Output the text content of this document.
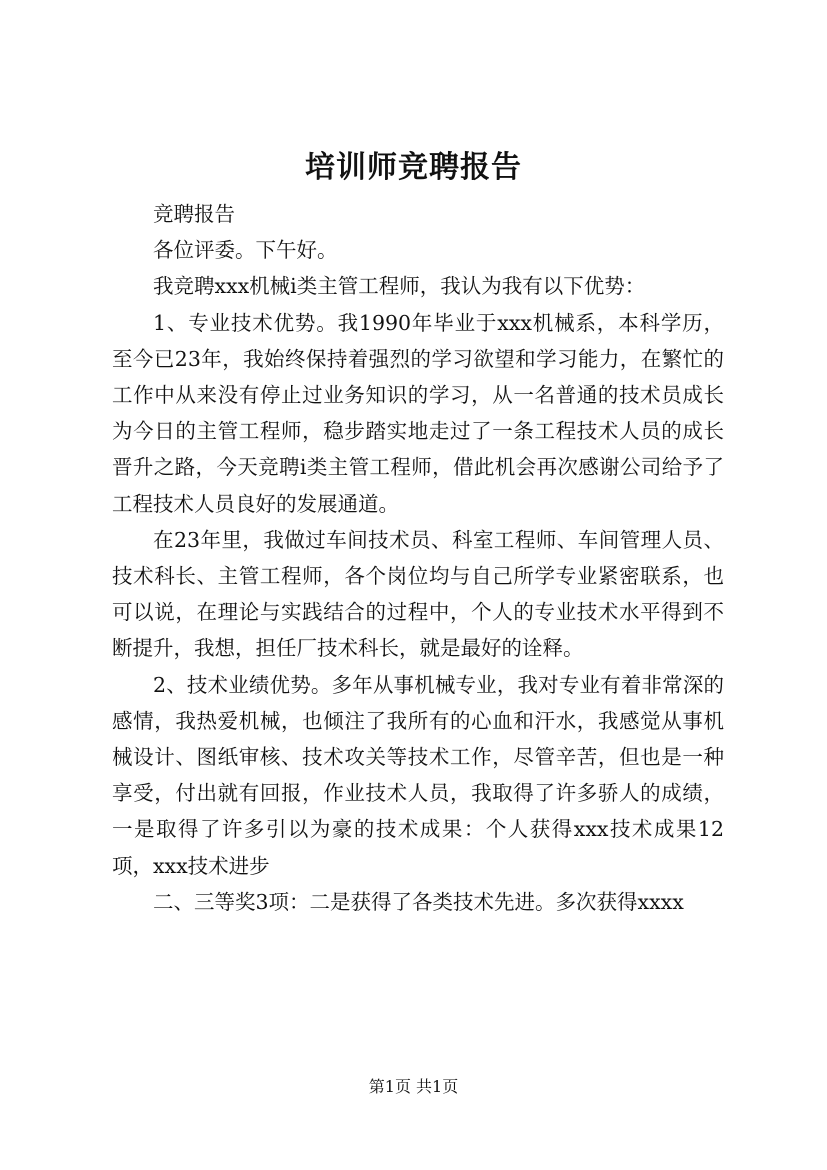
培训师竞聘报告

竞聘报告

各位评委。下午好。

我竞聘xxx机械i类主管工程师，我认为我有以下优势：

1、专业技术优势。我1990年毕业于xxx机械系，本科学历，至今已23年，我始终保持着强烈的学习欲望和学习能力，在繁忙的工作中从来没有停止过业务知识的学习，从一名普通的技术员成长为今日的主管工程师，稳步踏实地走过了一条工程技术人员的成长晋升之路，今天竞聘i类主管工程师，借此机会再次感谢公司给予了工程技术人员良好的发展通道。

在23年里，我做过车间技术员、科室工程师、车间管理人员、技术科长、主管工程师，各个岗位均与自己所学专业紧密联系，也可以说，在理论与实践结合的过程中，个人的专业技术水平得到不断提升，我想，担任厂技术科长，就是最好的诠释。

2、技术业绩优势。多年从事机械专业，我对专业有着非常深的感情，我热爱机械，也倾注了我所有的心血和汗水，我感觉从事机械设计、图纸审核、技术攻关等技术工作，尽管辛苦，但也是一种享受，付出就有回报，作业技术人员，我取得了许多骄人的成绩，一是取得了许多引以为豪的技术成果：个人获得xxx技术成果12项，xxx技术进步

二、三等奖3项：二是获得了各类技术先进。多次获得xxxx

第1页 共1页
